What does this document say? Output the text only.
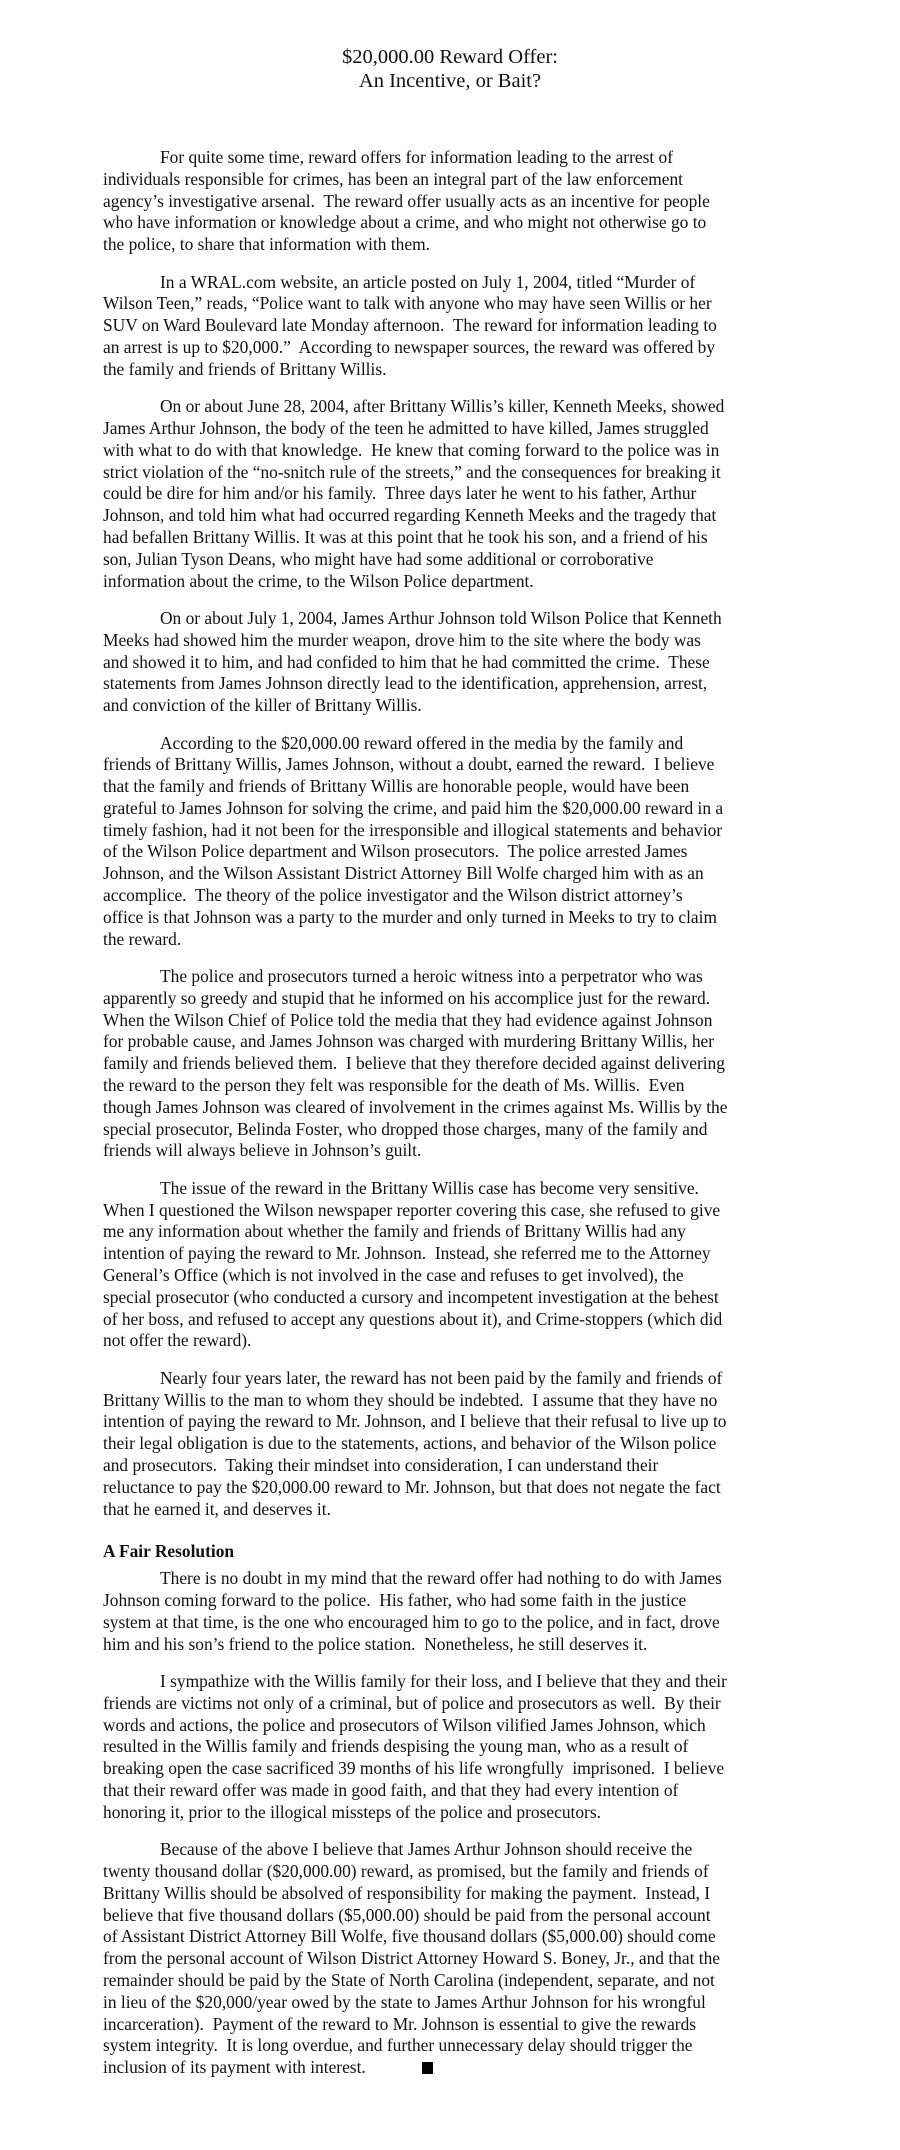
$20,000.00 Reward Offer:
An Incentive, or Bait?
For quite some time, reward offers for information leading to the arrest of
individuals responsible for crimes, has been an integral part of the law enforcement
agency’s investigative arsenal.  The reward offer usually acts as an incentive for people
who have information or knowledge about a crime, and who might not otherwise go to
the police, to share that information with them.
In a WRAL.com website, an article posted on July 1, 2004, titled “Murder of
Wilson Teen,” reads, “Police want to talk with anyone who may have seen Willis or her
SUV on Ward Boulevard late Monday afternoon.  The reward for information leading to
an arrest is up to $20,000.”  According to newspaper sources, the reward was offered by
the family and friends of Brittany Willis.
On or about June 28, 2004, after Brittany Willis’s killer, Kenneth Meeks, showed
James Arthur Johnson, the body of the teen he admitted to have killed, James struggled
with what to do with that knowledge.  He knew that coming forward to the police was in
strict violation of the “no-snitch rule of the streets,” and the consequences for breaking it
could be dire for him and/or his family.  Three days later he went to his father, Arthur
Johnson, and told him what had occurred regarding Kenneth Meeks and the tragedy that
had befallen Brittany Willis. It was at this point that he took his son, and a friend of his
son, Julian Tyson Deans, who might have had some additional or corroborative
information about the crime, to the Wilson Police department.
On or about July 1, 2004, James Arthur Johnson told Wilson Police that Kenneth
Meeks had showed him the murder weapon, drove him to the site where the body was
and showed it to him, and had confided to him that he had committed the crime.  These
statements from James Johnson directly lead to the identification, apprehension, arrest,
and conviction of the killer of Brittany Willis.
According to the $20,000.00 reward offered in the media by the family and
friends of Brittany Willis, James Johnson, without a doubt, earned the reward.  I believe
that the family and friends of Brittany Willis are honorable people, would have been
grateful to James Johnson for solving the crime, and paid him the $20,000.00 reward in a
timely fashion, had it not been for the irresponsible and illogical statements and behavior
of the Wilson Police department and Wilson prosecutors.  The police arrested James
Johnson, and the Wilson Assistant District Attorney Bill Wolfe charged him with as an
accomplice.  The theory of the police investigator and the Wilson district attorney’s
office is that Johnson was a party to the murder and only turned in Meeks to try to claim
the reward.
The police and prosecutors turned a heroic witness into a perpetrator who was
apparently so greedy and stupid that he informed on his accomplice just for the reward.
When the Wilson Chief of Police told the media that they had evidence against Johnson
for probable cause, and James Johnson was charged with murdering Brittany Willis, her
family and friends believed them.  I believe that they therefore decided against delivering
the reward to the person they felt was responsible for the death of Ms. Willis.  Even
though James Johnson was cleared of involvement in the crimes against Ms. Willis by the
special prosecutor, Belinda Foster, who dropped those charges, many of the family and
friends will always believe in Johnson’s guilt.
The issue of the reward in the Brittany Willis case has become very sensitive.
When I questioned the Wilson newspaper reporter covering this case, she refused to give
me any information about whether the family and friends of Brittany Willis had any
intention of paying the reward to Mr. Johnson.  Instead, she referred me to the Attorney
General’s Office (which is not involved in the case and refuses to get involved), the
special prosecutor (who conducted a cursory and incompetent investigation at the behest
of her boss, and refused to accept any questions about it), and Crime-stoppers (which did
not offer the reward).
Nearly four years later, the reward has not been paid by the family and friends of
Brittany Willis to the man to whom they should be indebted.  I assume that they have no
intention of paying the reward to Mr. Johnson, and I believe that their refusal to live up to
their legal obligation is due to the statements, actions, and behavior of the Wilson police
and prosecutors.  Taking their mindset into consideration, I can understand their
reluctance to pay the $20,000.00 reward to Mr. Johnson, but that does not negate the fact
that he earned it, and deserves it.
A Fair Resolution
There is no doubt in my mind that the reward offer had nothing to do with James
Johnson coming forward to the police.  His father, who had some faith in the justice
system at that time, is the one who encouraged him to go to the police, and in fact, drove
him and his son’s friend to the police station.  Nonetheless, he still deserves it.
I sympathize with the Willis family for their loss, and I believe that they and their
friends are victims not only of a criminal, but of police and prosecutors as well.  By their
words and actions, the police and prosecutors of Wilson vilified James Johnson, which
resulted in the Willis family and friends despising the young man, who as a result of
breaking open the case sacrificed 39 months of his life wrongfully  imprisoned.  I believe
that their reward offer was made in good faith, and that they had every intention of
honoring it, prior to the illogical missteps of the police and prosecutors.
Because of the above I believe that James Arthur Johnson should receive the
twenty thousand dollar ($20,000.00) reward, as promised, but the family and friends of
Brittany Willis should be absolved of responsibility for making the payment.  Instead, I
believe that five thousand dollars ($5,000.00) should be paid from the personal account
of Assistant District Attorney Bill Wolfe, five thousand dollars ($5,000.00) should come
from the personal account of Wilson District Attorney Howard S. Boney, Jr., and that the
remainder should be paid by the State of North Carolina (independent, separate, and not
in lieu of the $20,000/year owed by the state to James Arthur Johnson for his wrongful
incarceration).  Payment of the reward to Mr. Johnson is essential to give the rewards
system integrity.  It is long overdue, and further unnecessary delay should trigger the
inclusion of its payment with interest.
